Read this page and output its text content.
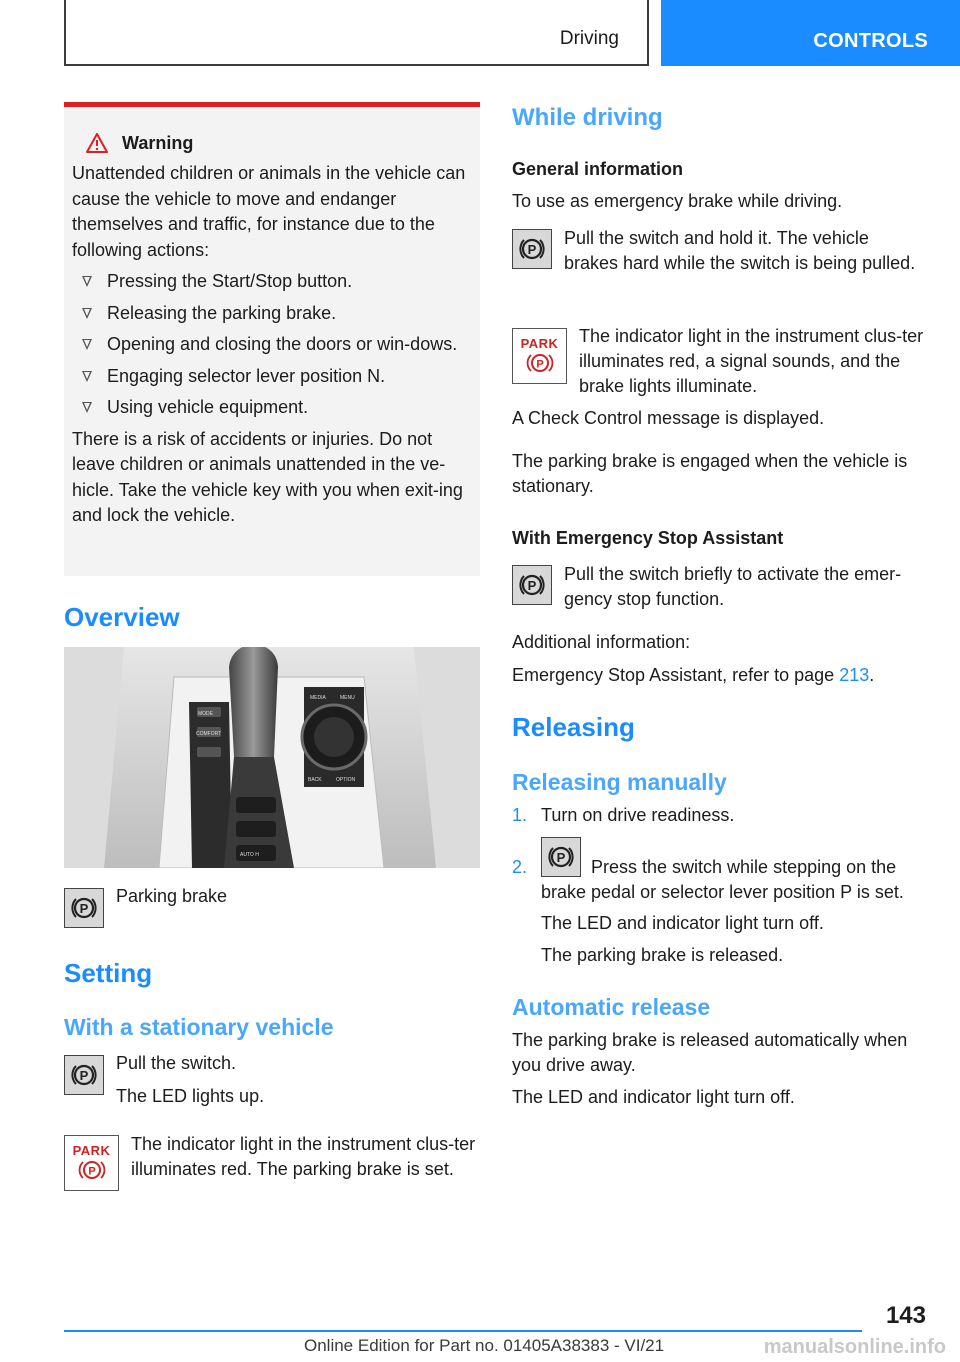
Driving	CONTROLS
Warning

Unattended children or animals in the vehicle can cause the vehicle to move and endanger themselves and traffic, for instance due to the following actions:

Pressing the Start/Stop button.
Releasing the parking brake.
Opening and closing the doors or win‐dows.
Engaging selector lever position N.
Using vehicle equipment.

There is a risk of accidents or injuries. Do not leave children or animals unattended in the ve‐hicle. Take the vehicle key with you when exit‐ing and lock the vehicle.

Overview
MODE
COMFORT
MEDIA	MENU
BACK	OPTION
AUTO H
P

Parking brake

Setting
With a stationary vehicle
P

Pull the switch.

The LED lights up.

PARK
P

The indicator light in the instrument clus‐ter illuminates red. The parking brake is set.

While driving
General information

To use as emergency brake while driving.

P

Pull the switch and hold it. The vehicle brakes hard while the switch is being pulled.

PARK
P

The indicator light in the instrument clus‐ter illuminates red, a signal sounds, and the brake lights illuminate.

A Check Control message is displayed.

The parking brake is engaged when the vehicle is stationary.

With Emergency Stop Assistant
P

Pull the switch briefly to activate the emer‐gency stop function.

Additional information:

Emergency Stop Assistant, refer to page 213.

Releasing
Releasing manually
1. Turn on drive readiness.

2. P	Press the switch while stepping on the brake pedal or selector lever position P is set.

The LED and indicator light turn off.

The parking brake is released.

Automatic release

The parking brake is released automatically when you drive away.

The LED and indicator light turn off.

143
Online Edition for Part no. 01405A38383 - VI/21	manualsonline.info
